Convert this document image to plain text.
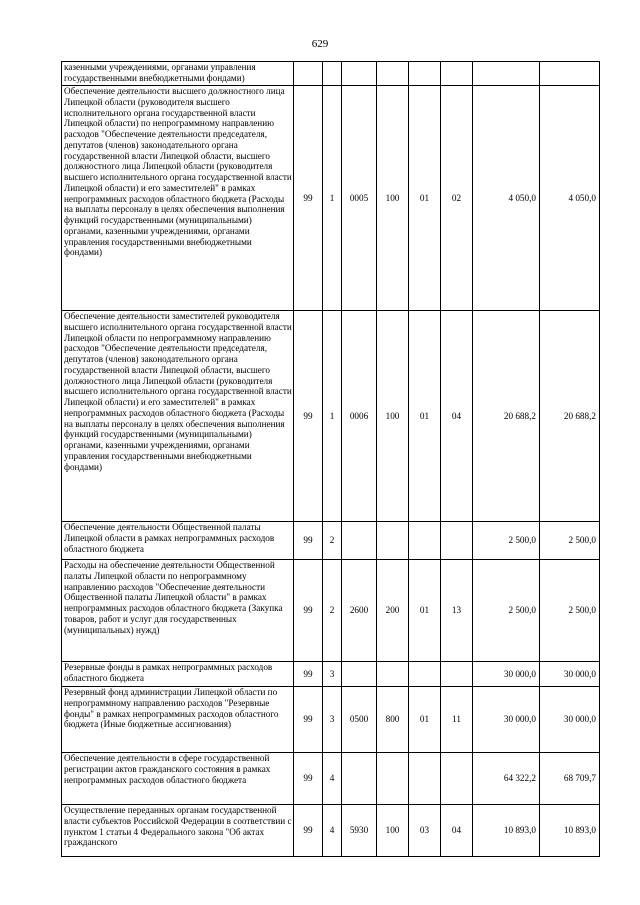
629
казенными учреждениями, органами управления государственными внебюджетными фондами)								
Обеспечение деятельности высшего должностного лица Липецкой области (руководителя высшего исполнительного органа государственной власти Липецкой области) по непрограммному направлению расходов "Обеспечение деятельности председателя, депутатов (членов) законодательного органа государственной власти Липецкой области, высшего должностного лица Липецкой области (руководителя высшего исполнительного органа государственной власти Липецкой области) и его заместителей" в рамках непрограммных расходов областного бюджета (Расходы на выплаты персоналу в целях обеспечения выполнения функций государственными (муниципальными) органами, казенными учреждениями, органами управления государственными внебюджетными фондами)	99	1	0005	100	01	02	4 050,0	4 050,0
Обеспечение деятельности заместителей руководителя высшего исполнительного органа государственной власти Липецкой области по непрограммному направлению расходов "Обеспечение деятельности председателя, депутатов (членов) законодательного органа государственной власти Липецкой области, высшего должностного лица Липецкой области (руководителя высшего исполнительного органа государственной власти Липецкой области) и его заместителей" в рамках непрограммных расходов областного бюджета (Расходы на выплаты персоналу в целях обеспечения выполнения функций государственными (муниципальными) органами, казенными учреждениями, органами управления государственными внебюджетными фондами)	99	1	0006	100	01	04	20 688,2	20 688,2
Обеспечение деятельности Общественной палаты Липецкой области в рамках непрограммных расходов областного бюджета	99	2					2 500,0	2 500,0
Расходы на обеспечение деятельности Общественной палаты Липецкой области по непрограммному направлению расходов "Обеспечение деятельности Общественной палаты Липецкой области" в рамках непрограммных расходов областного бюджета (Закупка товаров, работ и услуг для государственных (муниципальных) нужд)	99	2	2600	200	01	13	2 500,0	2 500,0
Резервные фонды в рамках непрограммных расходов областного бюджета	99	3					30 000,0	30 000,0
Резервный фонд администрации Липецкой области по непрограммному направлению расходов "Резервные фонды" в рамках непрограммных расходов областного бюджета (Иные бюджетные ассигнования)	99	3	0500	800	01	11	30 000,0	30 000,0
Обеспечение деятельности в сфере государственной регистрации актов гражданского состояния в рамках непрограммных расходов областного бюджета	99	4					64 322,2	68 709,7
Осуществление переданных органам государственной власти субъектов Российской Федерации в соответствии с пунктом 1 статьи 4 Федерального закона "Об актах гражданского	99	4	5930	100	03	04	10 893,0	10 893,0
